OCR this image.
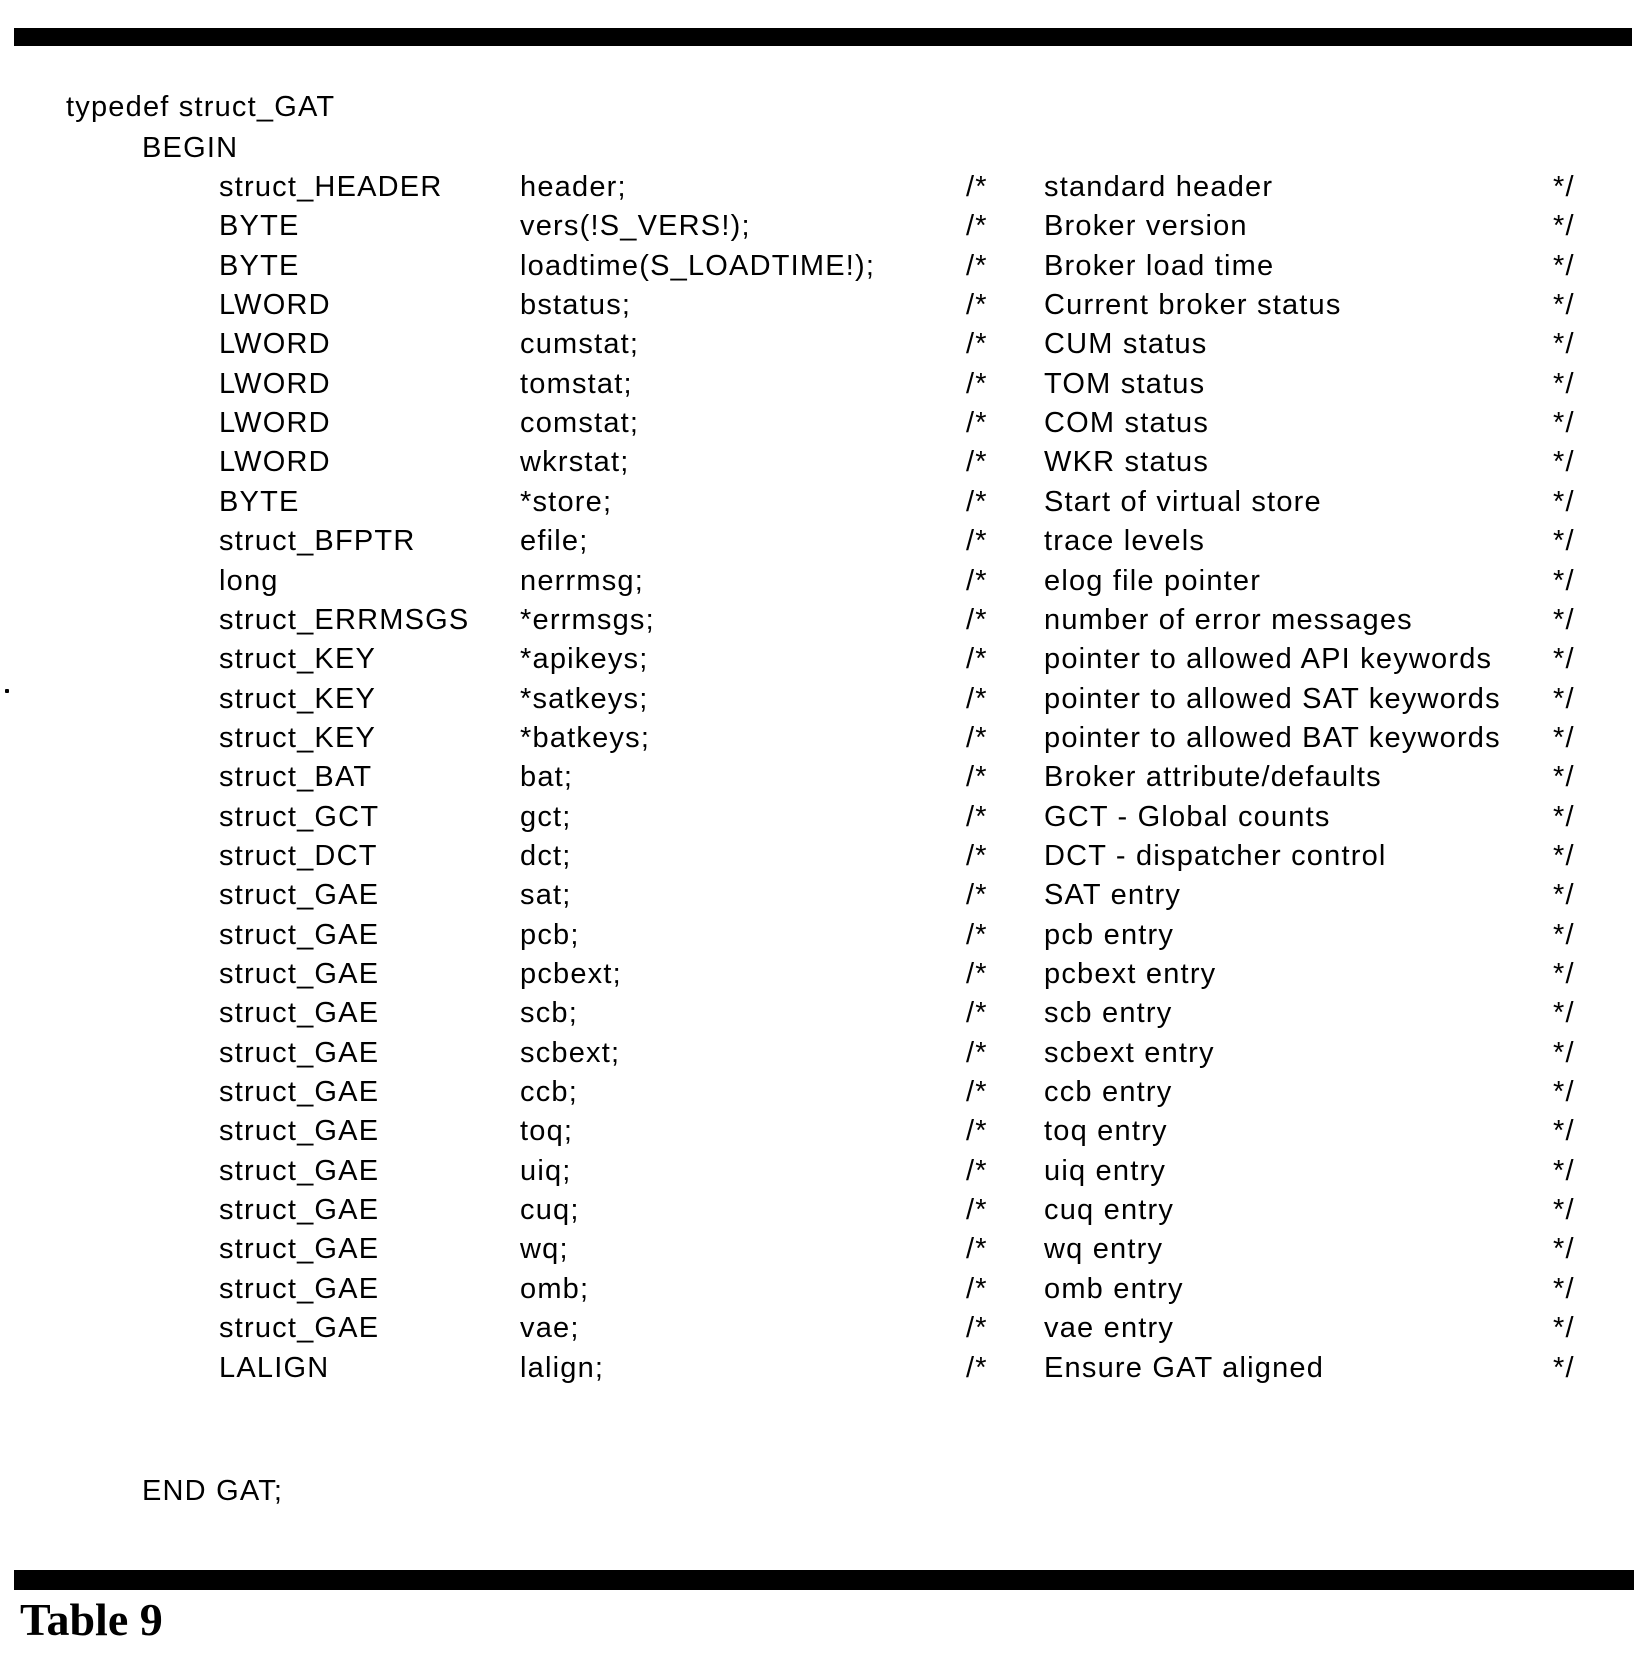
typedef struct_GAT
BEGIN
struct_HEADER	header;	/* standard header	*/
BYTE	vers(!S_VERS!);	/* Broker version	*/
BYTE	loadtime(S_LOADTIME!);	/* Broker load time	*/
LWORD	bstatus;	/* Current broker status	*/
LWORD	cumstat;	/* CUM status	*/
LWORD	tomstat;	/* TOM status	*/
LWORD	comstat;	/* COM status	*/
LWORD	wkrstat;	/* WKR status	*/
BYTE	*store;	/* Start of virtual store	*/
struct_BFPTR	efile;	/* trace levels	*/
long	nerrmsg;	/* elog file pointer	*/
struct_ERRMSGS *errmsgs;	/* number of error messages	*/
struct_KEY	*apikeys;	/* pointer to allowed API keywords */
struct_KEY	*satkeys;	/* pointer to allowed SAT keywords */
struct_KEY	*batkeys;	/* pointer to allowed BAT keywords */
struct_BAT	bat;	/* Broker attribute/defaults	*/
struct_GCT	gct;	/* GCT - Global counts	*/
struct_DCT	dct;	/* DCT - dispatcher control	*/
struct_GAE	sat;	/* SAT entry	*/
struct_GAE	pcb;	/* pcb entry	*/
struct_GAE	pcbext;	/* pcbext entry	*/
struct_GAE	scb;	/* scb entry	*/
struct_GAE	scbext;	/* scbext entry	*/
struct_GAE	ccb;	/* ccb entry	*/
struct_GAE	toq;	/* toq entry	*/
struct_GAE	uiq;	/* uiq entry	*/
struct_GAE	cuq;	/* cuq entry	*/
struct_GAE	wq;	/* wq entry	*/
struct_GAE	omb;	/* omb entry	*/
struct_GAE	vae;	/* vae entry	*/
LALIGN	lalign;	/* Ensure GAT aligned	*/
END GAT;
Table 9
